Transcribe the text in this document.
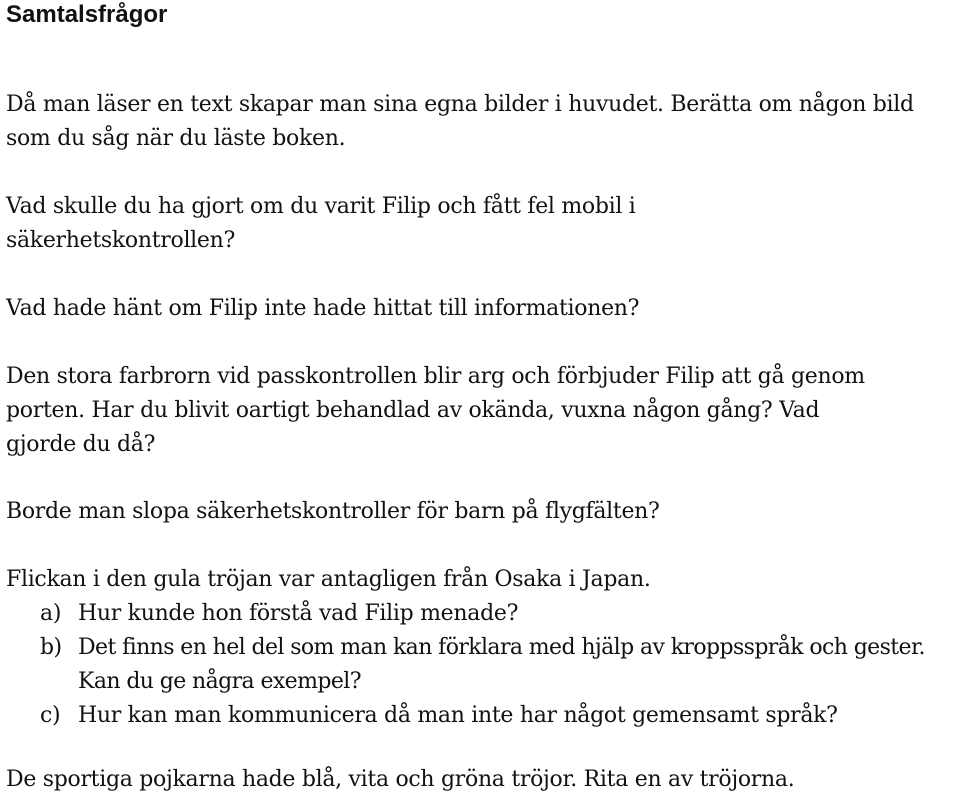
Samtalsfrågor

Då man läser en text skapar man sina egna bilder i huvudet. Berätta om någon bild som du såg när du läste boken.

Vad skulle du ha gjort om du varit Filip och fått fel mobil i säkerhetskontrollen?

Vad hade hänt om Filip inte hade hittat till informationen?

Den stora farbrorn vid passkontrollen blir arg och förbjuder Filip att gå genom porten. Har du blivit oartigt behandlad av okända, vuxna någon gång? Vad gjorde du då?

Borde man slopa säkerhetskontroller för barn på flygfälten?

Flickan i den gula tröjan var antagligen från Osaka i Japan.

a) Hur kunde hon förstå vad Filip menade?
b) Det finns en hel del som man kan förklara med hjälp av kroppsspråk och gester. Kan du ge några exempel?
c) Hur kan man kommunicera då man inte har något gemensamt språk?

De sportiga pojkarna hade blå, vita och gröna tröjor. Rita en av tröjorna.
